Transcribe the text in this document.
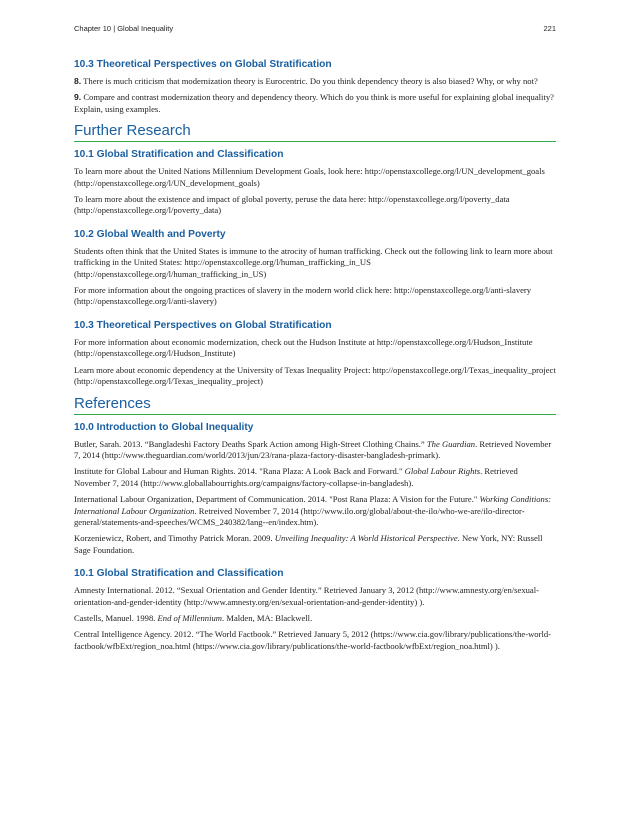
Chapter 10 | Global Inequality	221
10.3 Theoretical Perspectives on Global Stratification

8. There is much criticism that modernization theory is Eurocentric. Do you think dependency theory is also biased? Why, or why not?

9. Compare and contrast modernization theory and dependency theory. Which do you think is more useful for explaining global inequality? Explain, using examples.

Further Research
10.1 Global Stratification and Classification

To learn more about the United Nations Millennium Development Goals, look here: http://openstaxcollege.org/l/UN_development_goals (http://openstaxcollege.org/l/UN_development_goals)

To learn more about the existence and impact of global poverty, peruse the data here: http://openstaxcollege.org/l/poverty_data (http://openstaxcollege.org/l/poverty_data)

10.2 Global Wealth and Poverty

Students often think that the United States is immune to the atrocity of human trafficking. Check out the following link to learn more about trafficking in the United States: http://openstaxcollege.org/l/human_trafficking_in_US (http://openstaxcollege.org/l/human_trafficking_in_US)

For more information about the ongoing practices of slavery in the modern world click here: http://openstaxcollege.org/l/anti-slavery (http://openstaxcollege.org/l/anti-slavery)

10.3 Theoretical Perspectives on Global Stratification

For more information about economic modernization, check out the Hudson Institute at http://openstaxcollege.org/l/Hudson_Institute (http://openstaxcollege.org/l/Hudson_Institute)

Learn more about economic dependency at the University of Texas Inequality Project: http://openstaxcollege.org/l/Texas_inequality_project (http://openstaxcollege.org/l/Texas_inequality_project)

References
10.0 Introduction to Global Inequality

Butler, Sarah. 2013. “Bangladeshi Factory Deaths Spark Action among High-Street Clothing Chains.” The Guardian. Retrieved November 7, 2014 (http://www.theguardian.com/world/2013/jun/23/rana-plaza-factory-disaster-bangladesh-primark).

Institute for Global Labour and Human Rights. 2014. "Rana Plaza: A Look Back and Forward." Global Labour Rights. Retrieved November 7, 2014 (http://www.globallabourrights.org/campaigns/factory-collapse-in-bangladesh).

International Labour Organization, Department of Communication. 2014. "Post Rana Plaza: A Vision for the Future." Working Conditions: International Labour Organization. Retreived November 7, 2014 (http://www.ilo.org/global/about-the-ilo/who-we-are/ilo-director-general/statements-and-speeches/WCMS_240382/lang--en/index.htm).

Korzeniewicz, Robert, and Timothy Patrick Moran. 2009. Unveiling Inequality: A World Historical Perspective. New York, NY: Russell Sage Foundation.

10.1 Global Stratification and Classification

Amnesty International. 2012. “Sexual Orientation and Gender Identity.” Retrieved January 3, 2012 (http://www.amnesty.org/en/sexual-orientation-and-gender-identity (http://www.amnesty.org/en/sexual-orientation-and-gender-identity) ).

Castells, Manuel. 1998. End of Millennium. Malden, MA: Blackwell.

Central Intelligence Agency. 2012. “The World Factbook.” Retrieved January 5, 2012 (https://www.cia.gov/library/publications/the-world-factbook/wfbExt/region_noa.html (https://www.cia.gov/library/publications/the-world-factbook/wfbExt/region_noa.html) ).
